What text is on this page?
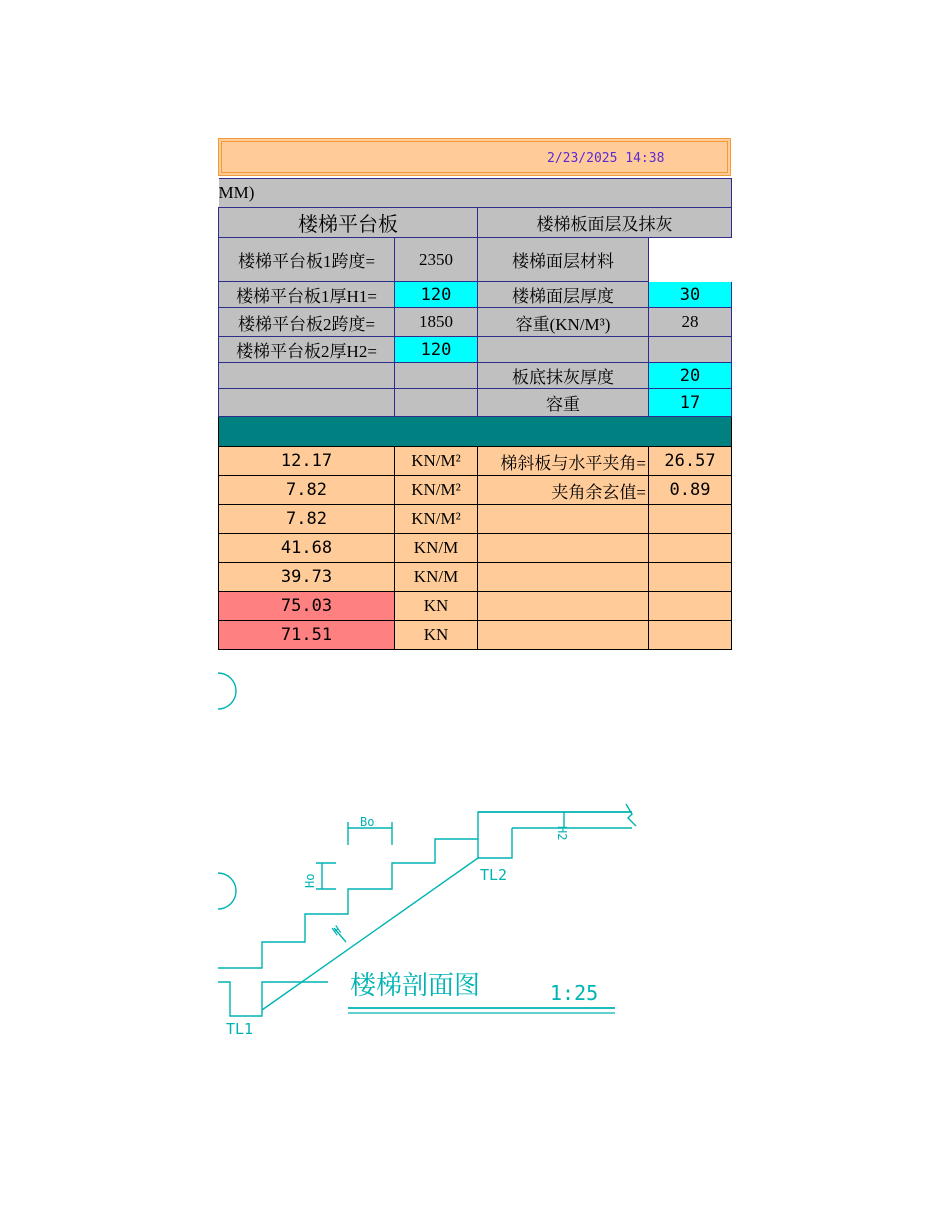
2/23/2025 14:38
MM)			
楼梯平台板		楼梯板面层及抹灰	
楼梯平台板1跨度=	2350	楼梯面层材料	
楼梯平台板1厚H1=	120	楼梯面层厚度	30
楼梯平台板2跨度=	1850	容重(KN/M³)	28
楼梯平台板2厚H2=	120		
		板底抹灰厚度	20
		容重	17

12.17	KN/M²	梯斜板与水平夹角=	26.57
7.82	KN/M²	夹角余玄值=	0.89
7.82	KN/M²		
41.68	KN/M		
39.73	KN/M		
75.03	KN		
71.51	KN		
Bo
Ho
H2
H
TL2
TL1
楼梯剖面图	1:25
